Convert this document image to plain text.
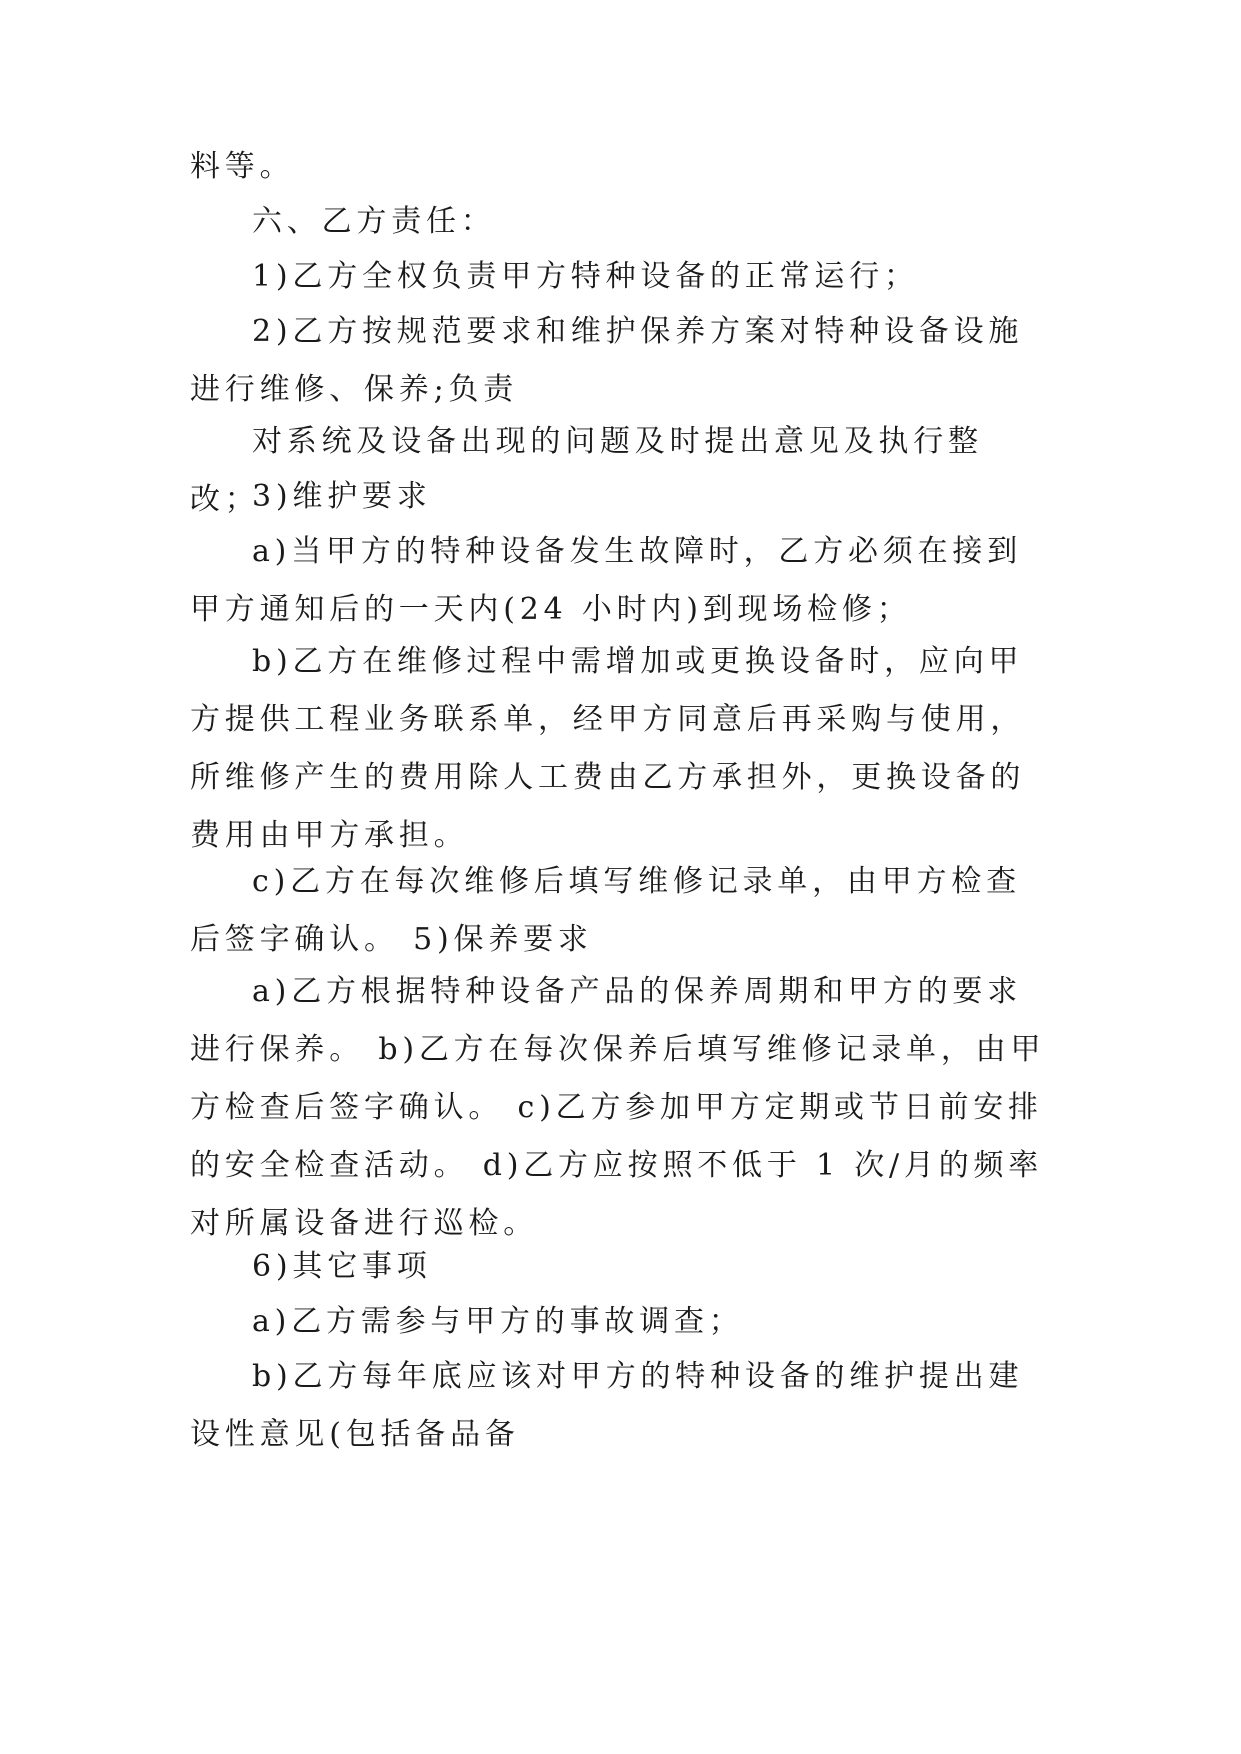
料等。

六、乙方责任：

1)乙方全权负责甲方特种设备的正常运行；

2)乙方按规范要求和维护保养方案对特种设备设施进行维修、保养;负责

对系统及设备出现的问题及时提出意见及执行整改；

3)维护要求

a)当甲方的特种设备发生故障时，乙方必须在接到甲方通知后的一天内(24 小时内)到现场检修；

b)乙方在维修过程中需增加或更换设备时，应向甲方提供工程业务联系单，经甲方同意后再采购与使用，所维修产生的费用除人工费由乙方承担外，更换设备的费用由甲方承担。

c)乙方在每次维修后填写维修记录单，由甲方检查后签字确认。 5)保养要求

a)乙方根据特种设备产品的保养周期和甲方的要求进行保养。 b)乙方在每次保养后填写维修记录单，由甲方检查后签字确认。 c)乙方参加甲方定期或节日前安排的安全检查活动。 d)乙方应按照不低于 1 次/月的频率对所属设备进行巡检。

6)其它事项

a)乙方需参与甲方的事故调查；

b)乙方每年底应该对甲方的特种设备的维护提出建设性意见(包括备品备
